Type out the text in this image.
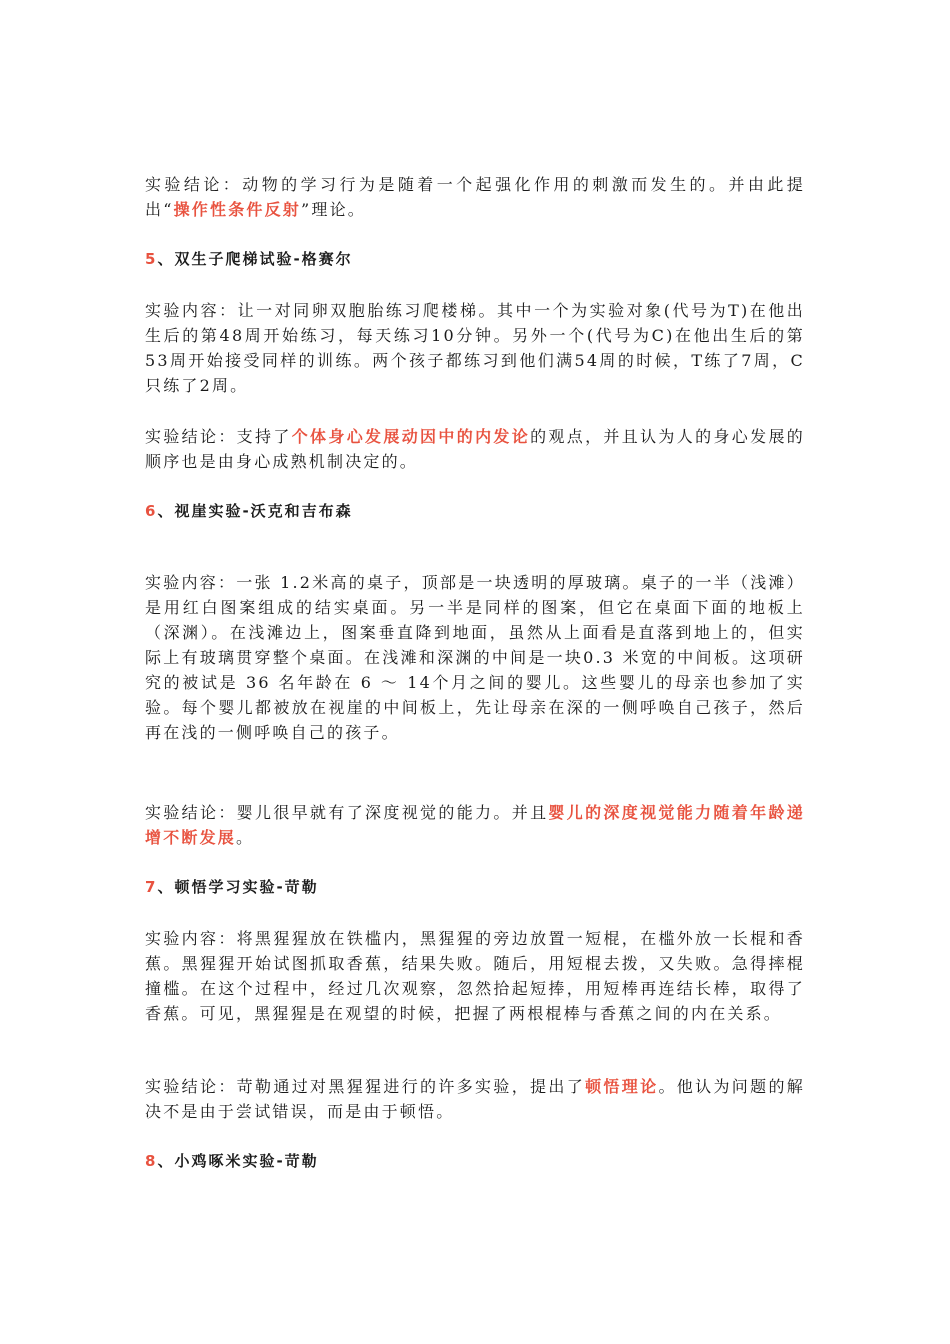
实验结论：动物的学习行为是随着一个起强化作用的刺激而发生的。并由此提出“操作性条件反射”理论。

5、双生子爬梯试验-格赛尔

实验内容：让一对同卵双胞胎练习爬楼梯。其中一个为实验对象(代号为T)在他出生后的第48周开始练习，每天练习10分钟。另外一个(代号为C)在他出生后的第53周开始接受同样的训练。两个孩子都练习到他们满54周的时候，T练了7周，C只练了2周。

实验结论：支持了个体身心发展动因中的内发论的观点，并且认为人的身心发展的顺序也是由身心成熟机制决定的。

6、视崖实验-沃克和吉布森

实验内容：一张 1.2米高的桌子，顶部是一块透明的厚玻璃。桌子的一半（浅滩）是用红白图案组成的结实桌面。另一半是同样的图案，但它在桌面下面的地板上（深渊）。在浅滩边上，图案垂直降到地面，虽然从上面看是直落到地上的，但实际上有玻璃贯穿整个桌面。在浅滩和深渊的中间是一块0.3 米宽的中间板。这项研究的被试是 36 名年龄在 6 ～ 14个月之间的婴儿。这些婴儿的母亲也参加了实验。每个婴儿都被放在视崖的中间板上，先让母亲在深的一侧呼唤自己孩子，然后再在浅的一侧呼唤自己的孩子。

实验结论：婴儿很早就有了深度视觉的能力。并且婴儿的深度视觉能力随着年龄递增不断发展。

7、顿悟学习实验-苛勒

实验内容：将黑猩猩放在铁槛内，黑猩猩的旁边放置一短棍，在槛外放一长棍和香蕉。黑猩猩开始试图抓取香蕉，结果失败。随后，用短棍去拨，又失败。急得摔棍撞槛。在这个过程中，经过几次观察，忽然拾起短捧，用短棒再连结长棒，取得了香蕉。可见，黑猩猩是在观望的时候，把握了两根棍棒与香蕉之间的内在关系。

实验结论：苛勒通过对黑猩猩进行的许多实验，提出了顿悟理论。他认为问题的解决不是由于尝试错误，而是由于顿悟。

8、小鸡啄米实验-苛勒
